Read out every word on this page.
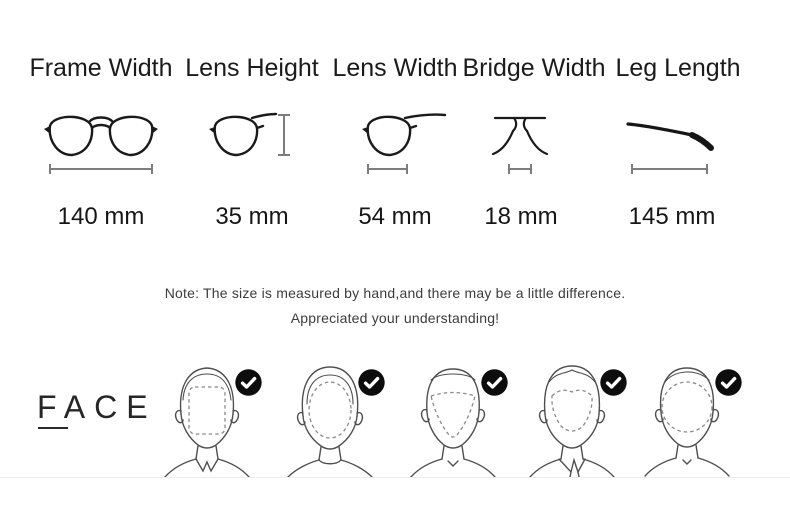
Frame Width
140 mm
Lens Height
35 mm
Lens Width
54 mm
Bridge Width
18 mm
Leg Length
145 mm
Note: The size is measured by hand,and there may be a little difference.
Appreciated your understanding!
FACE
